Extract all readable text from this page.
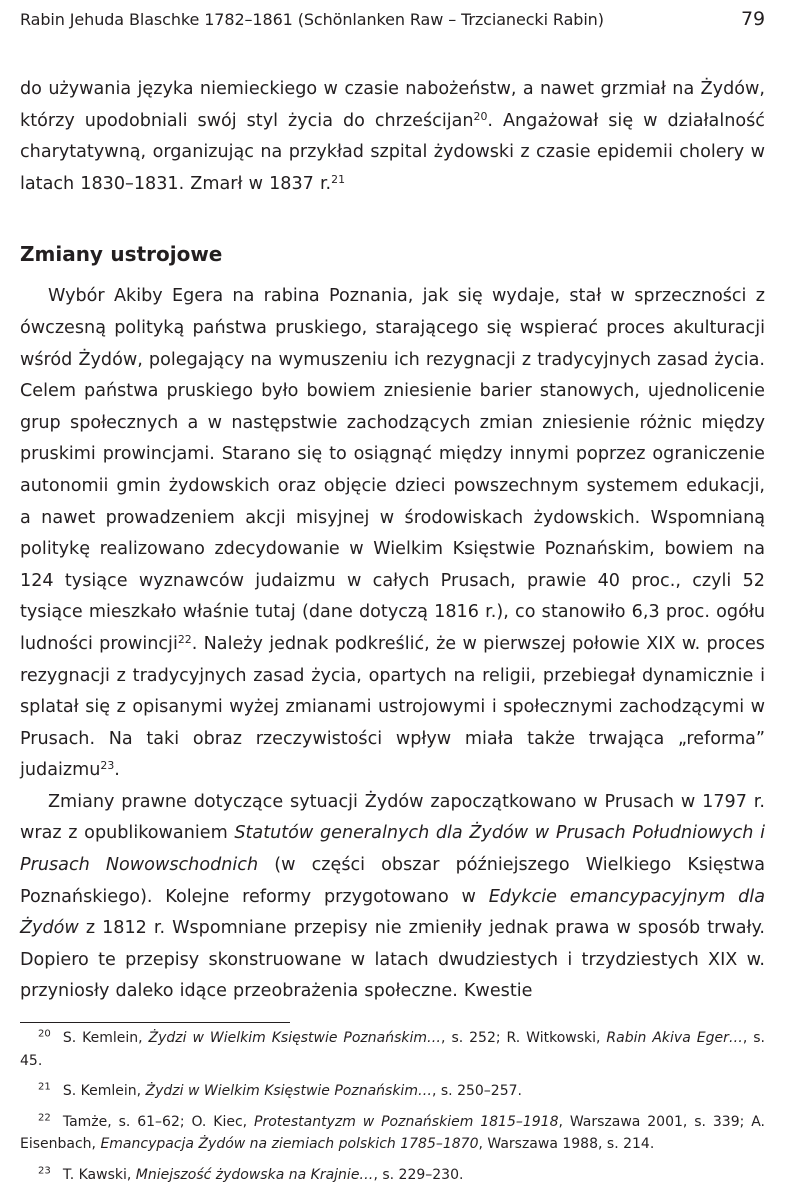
Rabin Jehuda Blaschke 1782–1861 (Schönlanken Raw – Trzcianecki Rabin)	79

do używania języka niemieckiego w czasie nabożeństw, a nawet grzmiał na Żydów, którzy upodobniali swój styl życia do chrześcijan$^{20}$. Angażował się w działalność charytatywną, organizując na przykład szpital żydowski z czasie epidemii cholery w latach 1830–1831. Zmarł w 1837 r.$^{21}$

Zmiany ustrojowe

Wybór Akiby Egera na rabina Poznania, jak się wydaje, stał w sprzeczności z ówczesną polityką państwa pruskiego, starającego się wspierać proces akulturacji wśród Żydów, polegający na wymuszeniu ich rezygnacji z tradycyjnych zasad życia. Celem państwa pruskiego było bowiem zniesienie barier stanowych, ujednolicenie grup społecznych a w następstwie zachodzących zmian zniesienie różnic między pruskimi prowincjami. Starano się to osiągnąć między innymi poprzez ograniczenie autonomii gmin żydowskich oraz objęcie dzieci powszechnym systemem edukacji, a nawet prowadzeniem akcji misyjnej w środowiskach żydowskich. Wspomnianą politykę realizowano zdecydowanie w Wielkim Księstwie Poznańskim, bowiem na 124 tysiące wyznawców judaizmu w całych Prusach, prawie 40 proc., czyli 52 tysiące mieszkało właśnie tutaj (dane dotyczą 1816 r.), co stanowiło 6,3 proc. ogółu ludności prowincji$^{22}$. Należy jednak podkreślić, że w pierwszej połowie XIX w. proces rezygnacji z tradycyjnych zasad życia, opartych na religii, przebiegał dynamicznie i splatał się z opisanymi wyżej zmianami ustrojowymi i społecznymi zachodzącymi w Prusach. Na taki obraz rzeczywistości wpływ miała także trwająca „reforma” judaizmu$^{23}$.

Zmiany prawne dotyczące sytuacji Żydów zapoczątkowano w Prusach w 1797 r. wraz z opublikowaniem Statutów generalnych dla Żydów w Prusach Południowych i Prusach Nowowschodnich (w części obszar późniejszego Wielkiego Księstwa Poznańskiego). Kolejne reformy przygotowano w Edykcie emancypacyjnym dla Żydów z 1812 r. Wspomniane przepisy nie zmieniły jednak prawa w sposób trwały. Dopiero te przepisy skonstruowane w latach dwudziestych i trzydziestych XIX w. przyniosły daleko idące przeobrażenia społeczne. Kwestie

$^{20}$ S. Kemlein, Żydzi w Wielkim Księstwie Poznańskim…, s. 252; R. Witkowski, Rabin Akiva Eger…, s. 45.

$^{21}$ S. Kemlein, Żydzi w Wielkim Księstwie Poznańskim…, s. 250–257.

$^{22}$ Tamże, s. 61–62; O. Kiec, Protestantyzm w Poznańskiem 1815–1918, Warszawa 2001, s. 339; A. Eisenbach, Emancypacja Żydów na ziemiach polskich 1785–1870, Warszawa 1988, s. 214.

$^{23}$ T. Kawski, Mniejszość żydowska na Krajnie…, s. 229–230.
